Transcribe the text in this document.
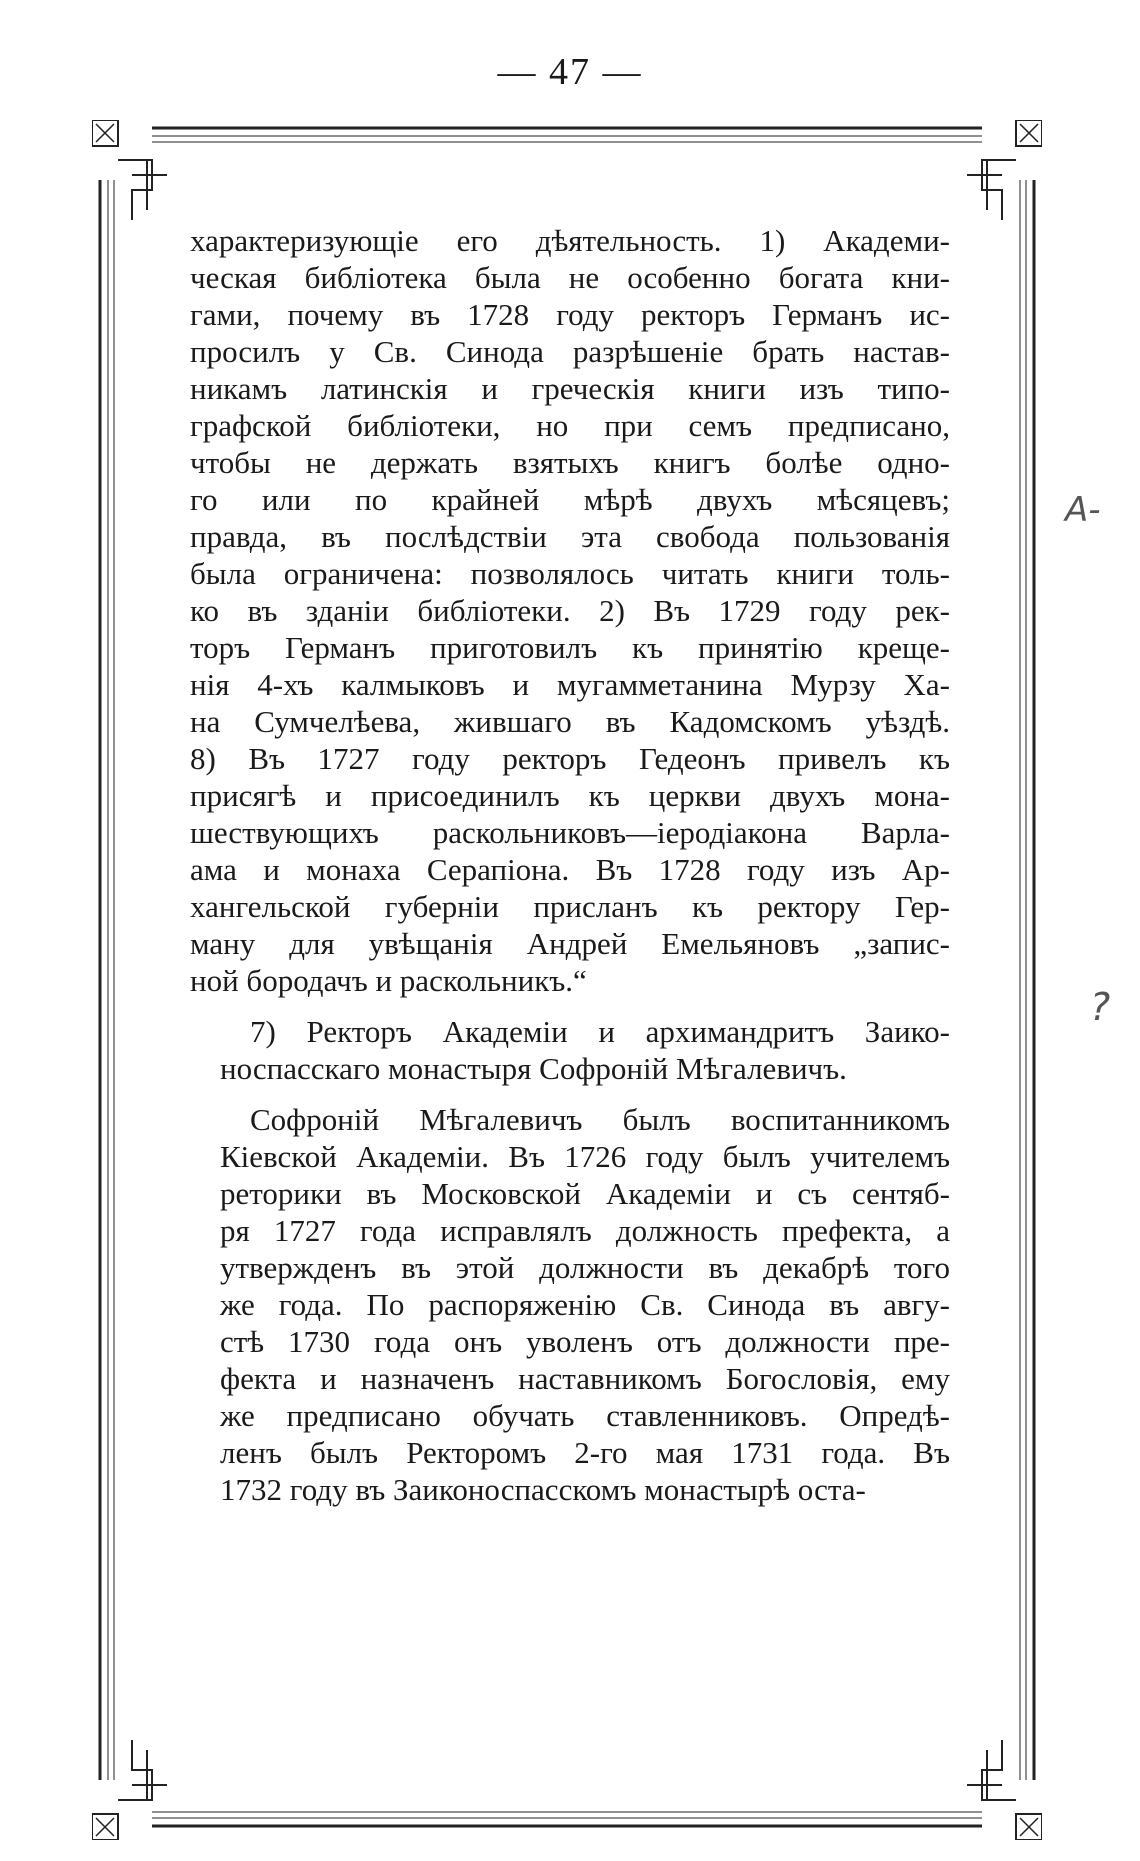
— 47 —

характеризующіе его дѣятельность. 1) Академи-
ческая библіотека была не особенно богата кни-
гами, почему въ 1728 году ректоръ Германъ ис-
просилъ у Св. Синода разрѣшеніе брать настав-
никамъ латинскія и греческія книги изъ типо-
графской библіотеки, но при семъ предписано,
чтобы не держать взятыхъ книгъ болѣе одно-
го или по крайней мѣрѣ двухъ мѣсяцевъ;
правда, въ послѣдствіи эта свобода пользованія
была ограничена: позволялось читать книги толь-
ко въ зданіи библіотеки. 2) Въ 1729 году рек-
торъ Германъ приготовилъ къ принятію креще-
нія 4-хъ калмыковъ и мугамметанина Мурзу Ха-
на Сумчелѣева, жившаго въ Кадомскомъ уѣздѣ.
8) Въ 1727 году ректоръ Гедеонъ привелъ къ
присягѣ и присоединилъ къ церкви двухъ мона-
шествующихъ раскольниковъ—іеродіакона Варла-
ама и монаха Серапіона. Въ 1728 году изъ Ар-
хангельской губерніи присланъ къ ректору Гер-
ману для увѣщанія Андрей Емельяновъ „запис-
ной бородачъ и раскольникъ.“

7) Ректоръ Академіи и архимандритъ Заико-
носпасскаго монастыря Софроній Мѣгалевичъ.

Софроній Мѣгалевичъ былъ воспитанникомъ
Кіевской Академіи. Въ 1726 году былъ учителемъ
реторики въ Московской Академіи и съ сентяб-
ря 1727 года исправлялъ должность префекта, а
утвержденъ въ этой должности въ декабрѣ того
же года. По распоряженію Св. Синода въ авгу-
стѣ 1730 года онъ уволенъ отъ должности пре-
фекта и назначенъ наставникомъ Богословія, ему
же предписано обучать ставленниковъ. Опредѣ-
ленъ былъ Ректоромъ 2-го мая 1731 года. Въ
1732 году въ Заиконоспасскомъ монастырѣ оста-

А-
?
